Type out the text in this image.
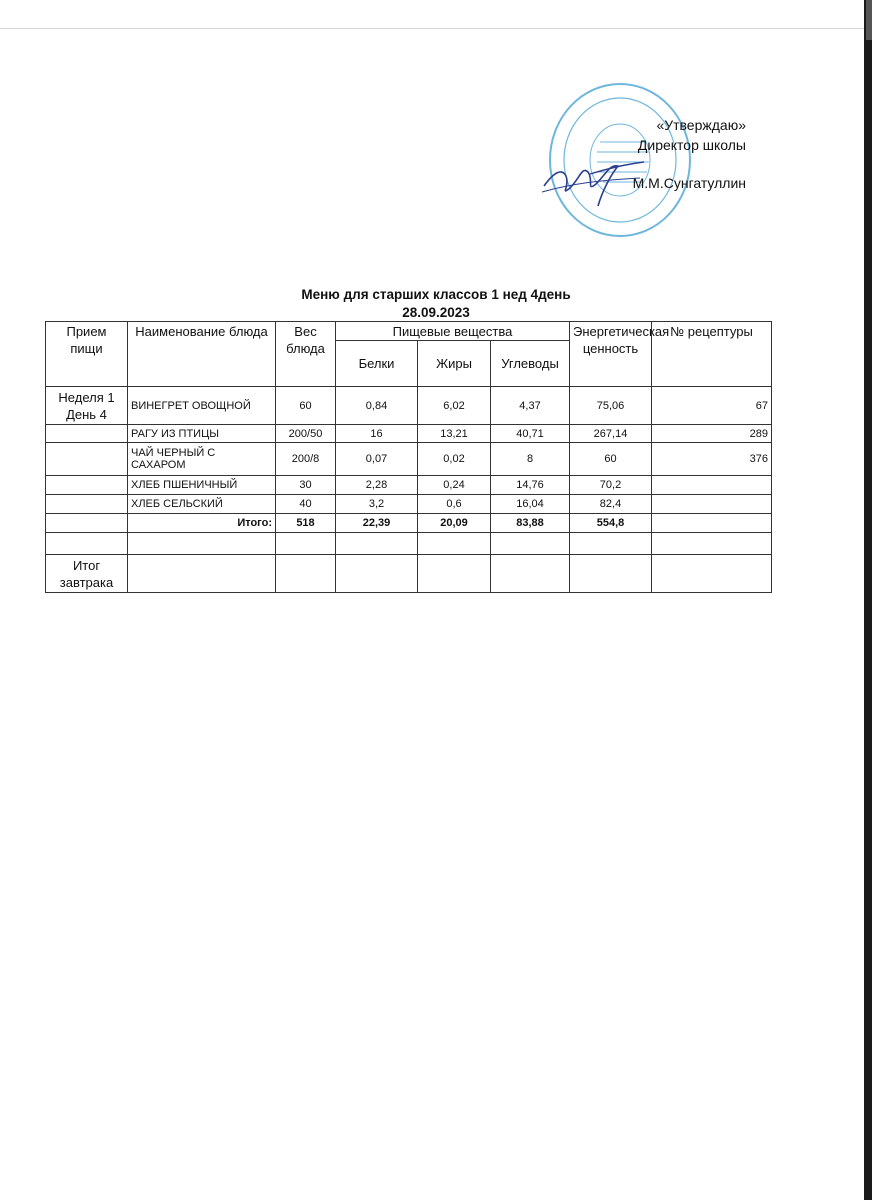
«Утверждаю»
Директор школы
М.М.Сунгатуллин
Меню для старших классов 1 нед 4день
28.09.2023
Прием пищи	Наименование блюда	Вес блюда	Пищевые вещества			Энергетическая ценность	№ рецептуры
			Белки	Жиры	Углеводы		
Неделя 1 День 4	ВИНЕГРЕТ ОВОЩНОЙ	60	0,84	6,02	4,37	75,06	67
	РАГУ ИЗ ПТИЦЫ	200/50	16	13,21	40,71	267,14	289
	ЧАЙ ЧЕРНЫЙ С САХАРОМ	200/8	0,07	0,02	8	60	376
	ХЛЕБ ПШЕНИЧНЫЙ	30	2,28	0,24	14,76	70,2	
	ХЛЕБ СЕЛЬСКИЙ	40	3,2	0,6	16,04	82,4	
	Итого:	518	22,39	20,09	83,88	554,8	

Итог завтрака							
